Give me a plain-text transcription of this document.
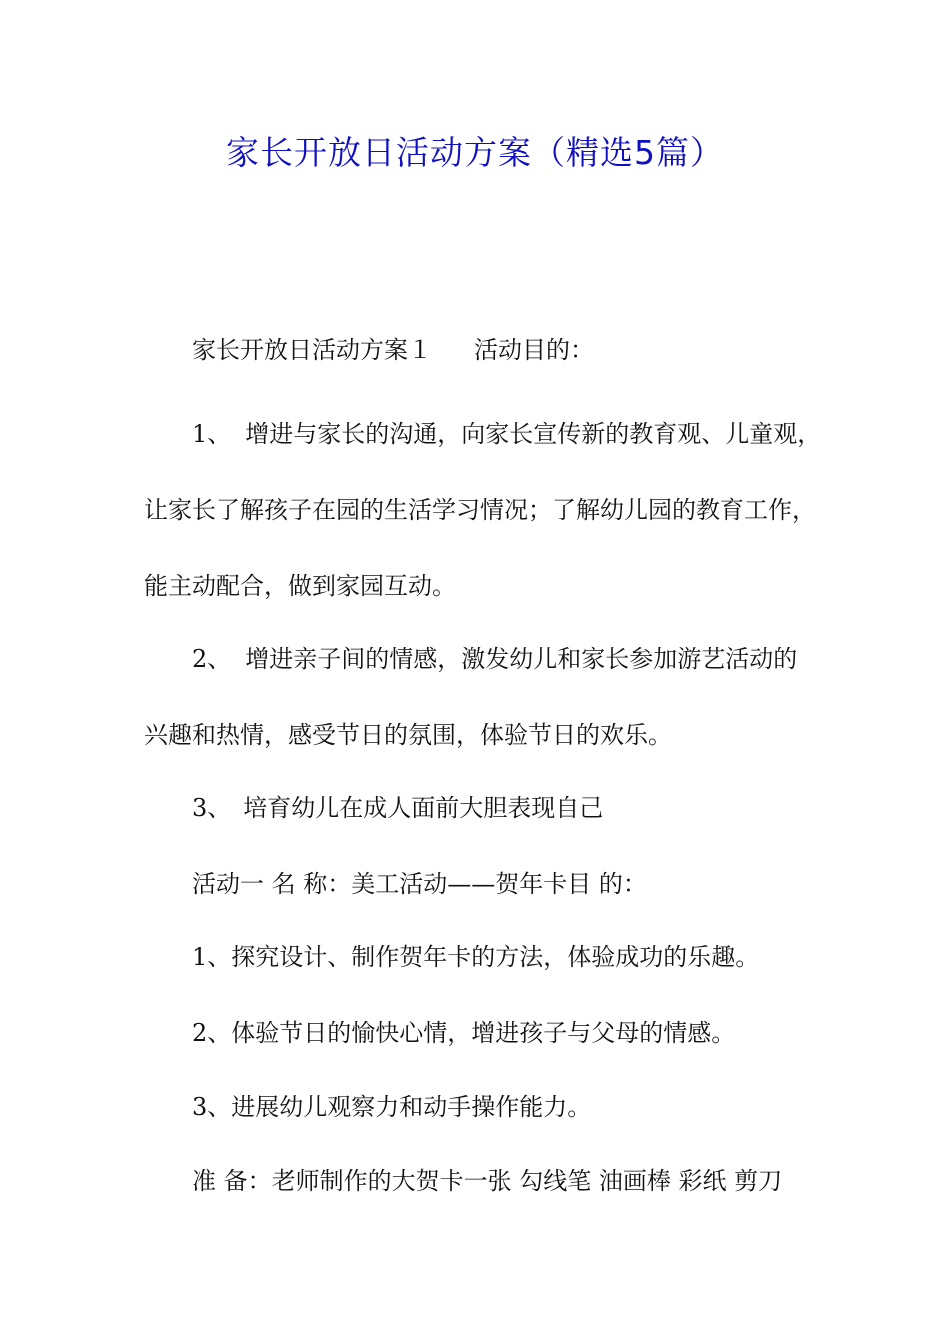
家长开放日活动方案（精选5篇）
家长开放日活动方案１ 活动目的：
1、 增进与家长的沟通，向家长宣传新的教育观、儿童观，
让家长了解孩子在园的生活学习情况；了解幼儿园的教育工作，
能主动配合，做到家园互动。
2、 增进亲子间的情感，激发幼儿和家长参加游艺活动的
兴趣和热情，感受节日的氛围，体验节日的欢乐。
3、 培育幼儿在成人面前大胆表现自己
活动一 名 称：美工活动——贺年卡目 的：
1、探究设计、制作贺年卡的方法，体验成功的乐趣。
2、体验节日的愉快心情，增进孩子与父母的情感。
3、进展幼儿观察力和动手操作能力。
准 备：老师制作的大贺卡一张 勾线笔 油画棒 彩纸 剪刀
